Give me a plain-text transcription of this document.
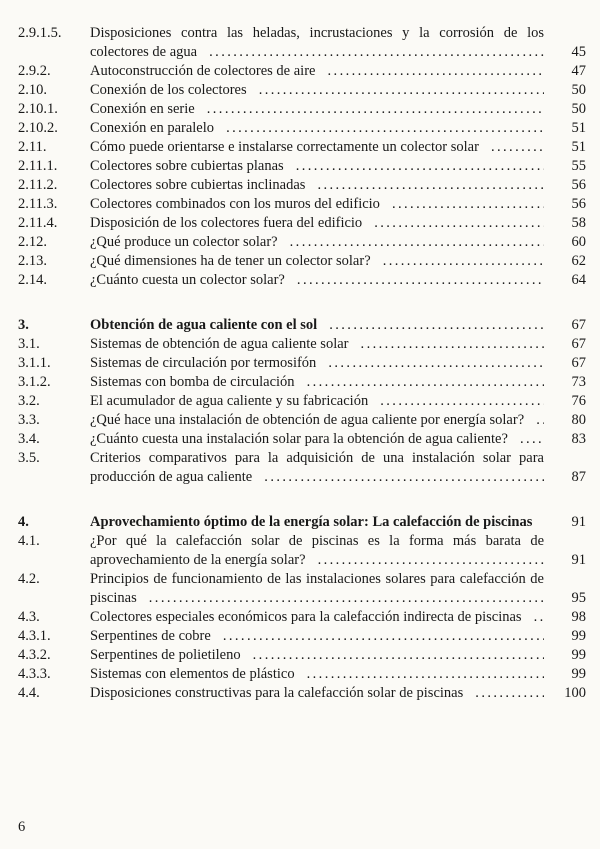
2.9.1.5.	Disposiciones contra las heladas, incrustaciones y la corrosión de los colectores de agua .....	45
2.9.2.	Autoconstrucción de colectores de aire .....	47
2.10.	Conexión de los colectores .....	50
2.10.1.	Conexión en serie .....	50
2.10.2.	Conexión en paralelo .....	51
2.11.	Cómo puede orientarse e instalarse correctamente un colector solar .....	51
2.11.1.	Colectores sobre cubiertas planas .....	55
2.11.2.	Colectores sobre cubiertas inclinadas .....	56
2.11.3.	Colectores combinados con los muros del edificio .....	56
2.11.4.	Disposición de los colectores fuera del edificio .....	58
2.12.	¿Qué produce un colector solar? .....	60
2.13.	¿Qué dimensiones ha de tener un colector solar? .....	62
2.14.	¿Cuánto cuesta un colector solar? .....	64
3.	Obtención de agua caliente con el sol .....	67
3.1.	Sistemas de obtención de agua caliente solar .....	67
3.1.1.	Sistemas de circulación por termosifón .....	67
3.1.2.	Sistemas con bomba de circulación .....	73
3.2.	El acumulador de agua caliente y su fabricación .....	76
3.3.	¿Qué hace una instalación de obtención de agua caliente por energía solar? .....	80
3.4.	¿Cuánto cuesta una instalación solar para la obtención de agua caliente? .....	83
3.5.	Criterios comparativos para la adquisición de una instalación solar para producción de agua caliente .....	87
4.	Aprovechamiento óptimo de la energía solar: La calefacción de piscinas .....	91
4.1.	¿Por qué la calefacción solar de piscinas es la forma más barata de aprovechamiento de la energía solar? .....	91
4.2.	Principios de funcionamiento de las instalaciones solares para calefacción de piscinas .....	95
4.3.	Colectores especiales económicos para la calefacción indirecta de piscinas .....	98
4.3.1.	Serpentines de cobre .....	99
4.3.2.	Serpentines de polietileno .....	99
4.3.3.	Sistemas con elementos de plástico .....	99
4.4.	Disposiciones constructivas para la calefacción solar de piscinas .....	100
6
